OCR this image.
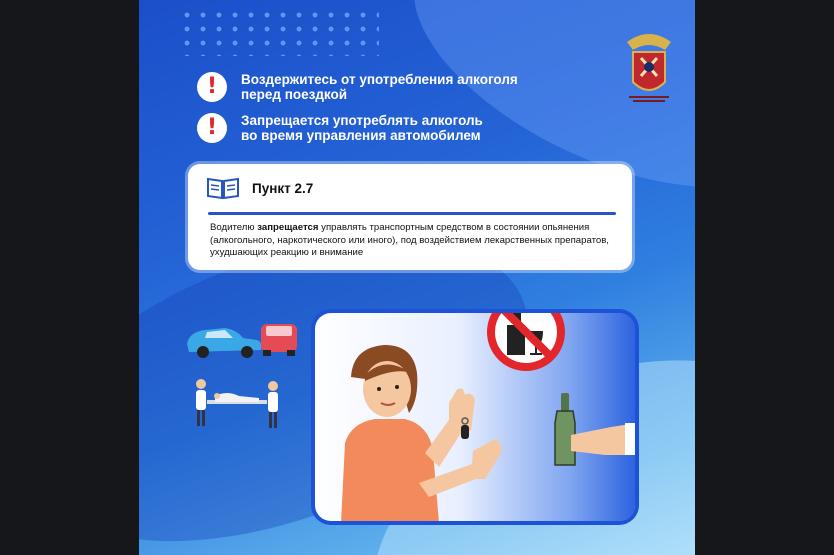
!	Воздержитесь от употребления алкоголя
перед поездкой
!	Запрещается употреблять алкоголь
во время управления автомобилем
Пункт 2.7
Водителю запрещается управлять транспортным средством в состоянии опьянения (алкогольного, наркотического или иного), под воздействием лекарственных препаратов, ухудшающих реакцию и внимание
